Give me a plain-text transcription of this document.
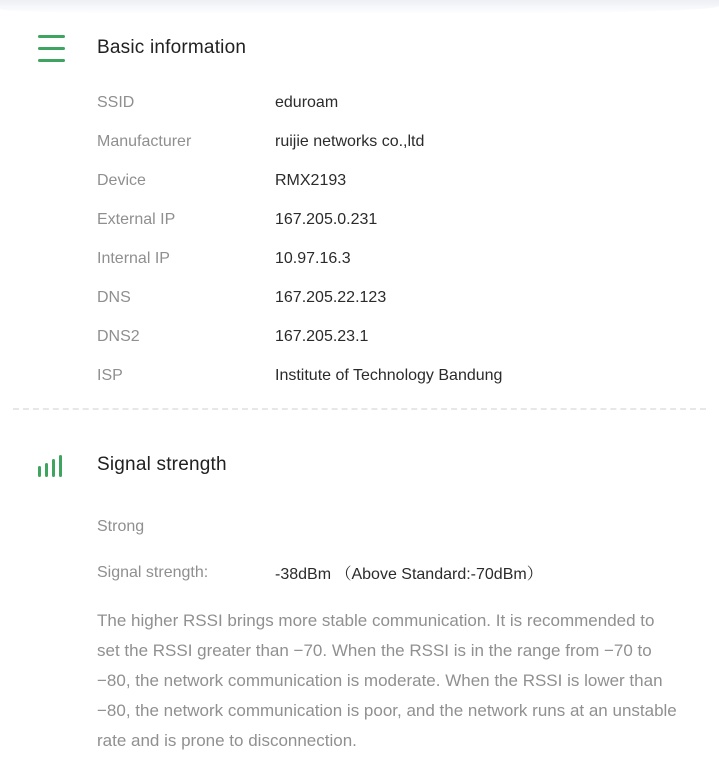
Basic information
SSID	eduroam
Manufacturer	ruijie networks co.,ltd
Device	RMX2193
External IP	167.205.0.231
Internal IP	10.97.16.3
DNS	167.205.22.123
DNS2	167.205.23.1
ISP	Institute of Technology Bandung
Signal strength
Strong
Signal strength:	-38dBm （Above Standard:-70dBm）

The higher RSSI brings more stable communication. It is recommended to set the RSSI greater than −70. When the RSSI is in the range from −70 to −80, the network communication is moderate. When the RSSI is lower than −80, the network communication is poor, and the network runs at an unstable rate and is prone to disconnection.
